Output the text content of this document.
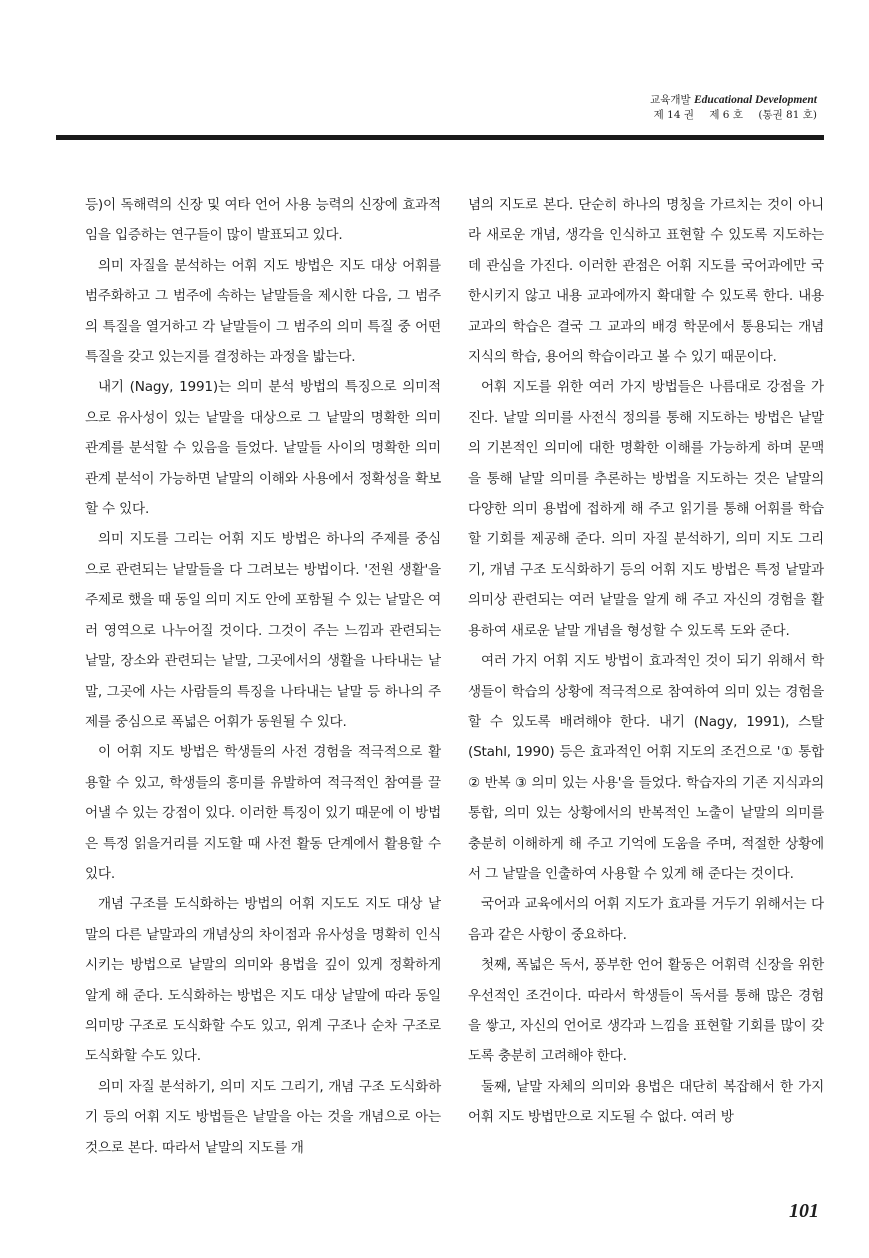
교육개발 Educational Development
제 14 권 제 6 호 (통권 81 호)

등)이 독해력의 신장 및 여타 언어 사용 능력의 신장에 효과적임을 입증하는 연구들이 많이 발표되고 있다.

의미 자질을 분석하는 어휘 지도 방법은 지도 대상 어휘를 범주화하고 그 범주에 속하는 낱말들을 제시한 다음, 그 범주의 특질을 열거하고 각 낱말들이 그 범주의 의미 특질 중 어떤 특질을 갖고 있는지를 결정하는 과정을 밟는다.

내기 (Nagy, 1991)는 의미 분석 방법의 특징으로 의미적으로 유사성이 있는 낱말을 대상으로 그 낱말의 명확한 의미 관계를 분석할 수 있음을 들었다. 낱말들 사이의 명확한 의미 관계 분석이 가능하면 낱말의 이해와 사용에서 정확성을 확보할 수 있다.

의미 지도를 그리는 어휘 지도 방법은 하나의 주제를 중심으로 관련되는 낱말들을 다 그려보는 방법이다. '전원 생활'을 주제로 했을 때 동일 의미 지도 안에 포함될 수 있는 낱말은 여러 영역으로 나누어질 것이다. 그것이 주는 느낌과 관련되는 낱말, 장소와 관련되는 낱말, 그곳에서의 생활을 나타내는 낱말, 그곳에 사는 사람들의 특징을 나타내는 낱말 등 하나의 주제를 중심으로 폭넓은 어휘가 동원될 수 있다.

이 어휘 지도 방법은 학생들의 사전 경험을 적극적으로 활용할 수 있고, 학생들의 흥미를 유발하여 적극적인 참여를 끌어낼 수 있는 강점이 있다. 이러한 특징이 있기 때문에 이 방법은 특정 읽을거리를 지도할 때 사전 활동 단계에서 활용할 수 있다.

개념 구조를 도식화하는 방법의 어휘 지도도 지도 대상 낱말의 다른 낱말과의 개념상의 차이점과 유사성을 명확히 인식시키는 방법으로 낱말의 의미와 용법을 깊이 있게 정확하게 알게 해 준다. 도식화하는 방법은 지도 대상 낱말에 따라 동일 의미망 구조로 도식화할 수도 있고, 위계 구조나 순차 구조로 도식화할 수도 있다.

의미 자질 분석하기, 의미 지도 그리기, 개념 구조 도식화하기 등의 어휘 지도 방법들은 낱말을 아는 것을 개념으로 아는 것으로 본다. 따라서 낱말의 지도를 개

념의 지도로 본다. 단순히 하나의 명칭을 가르치는 것이 아니라 새로운 개념, 생각을 인식하고 표현할 수 있도록 지도하는 데 관심을 가진다. 이러한 관점은 어휘 지도를 국어과에만 국한시키지 않고 내용 교과에까지 확대할 수 있도록 한다. 내용 교과의 학습은 결국 그 교과의 배경 학문에서 통용되는 개념 지식의 학습, 용어의 학습이라고 볼 수 있기 때문이다.

어휘 지도를 위한 여러 가지 방법들은 나름대로 강점을 가진다. 낱말 의미를 사전식 정의를 통해 지도하는 방법은 낱말의 기본적인 의미에 대한 명확한 이해를 가능하게 하며 문맥을 통해 낱말 의미를 추론하는 방법을 지도하는 것은 낱말의 다양한 의미 용법에 접하게 해 주고 읽기를 통해 어휘를 학습할 기회를 제공해 준다. 의미 자질 분석하기, 의미 지도 그리기, 개념 구조 도식화하기 등의 어휘 지도 방법은 특정 낱말과 의미상 관련되는 여러 낱말을 알게 해 주고 자신의 경험을 활용하여 새로운 낱말 개념을 형성할 수 있도록 도와 준다.

여러 가지 어휘 지도 방법이 효과적인 것이 되기 위해서 학생들이 학습의 상황에 적극적으로 참여하여 의미 있는 경험을 할 수 있도록 배려해야 한다. 내기 (Nagy, 1991), 스탈 (Stahl, 1990) 등은 효과적인 어휘 지도의 조건으로 '① 통합 ② 반복 ③ 의미 있는 사용'을 들었다. 학습자의 기존 지식과의 통합, 의미 있는 상황에서의 반복적인 노출이 낱말의 의미를 충분히 이해하게 해 주고 기억에 도움을 주며, 적절한 상황에서 그 낱말을 인출하여 사용할 수 있게 해 준다는 것이다.

국어과 교육에서의 어휘 지도가 효과를 거두기 위해서는 다음과 같은 사항이 중요하다.

첫째, 폭넓은 독서, 풍부한 언어 활동은 어휘력 신장을 위한 우선적인 조건이다. 따라서 학생들이 독서를 통해 많은 경험을 쌓고, 자신의 언어로 생각과 느낌을 표현할 기회를 많이 갖도록 충분히 고려해야 한다.

둘째, 낱말 자체의 의미와 용법은 대단히 복잡해서 한 가지 어휘 지도 방법만으로 지도될 수 없다. 여러 방

101
